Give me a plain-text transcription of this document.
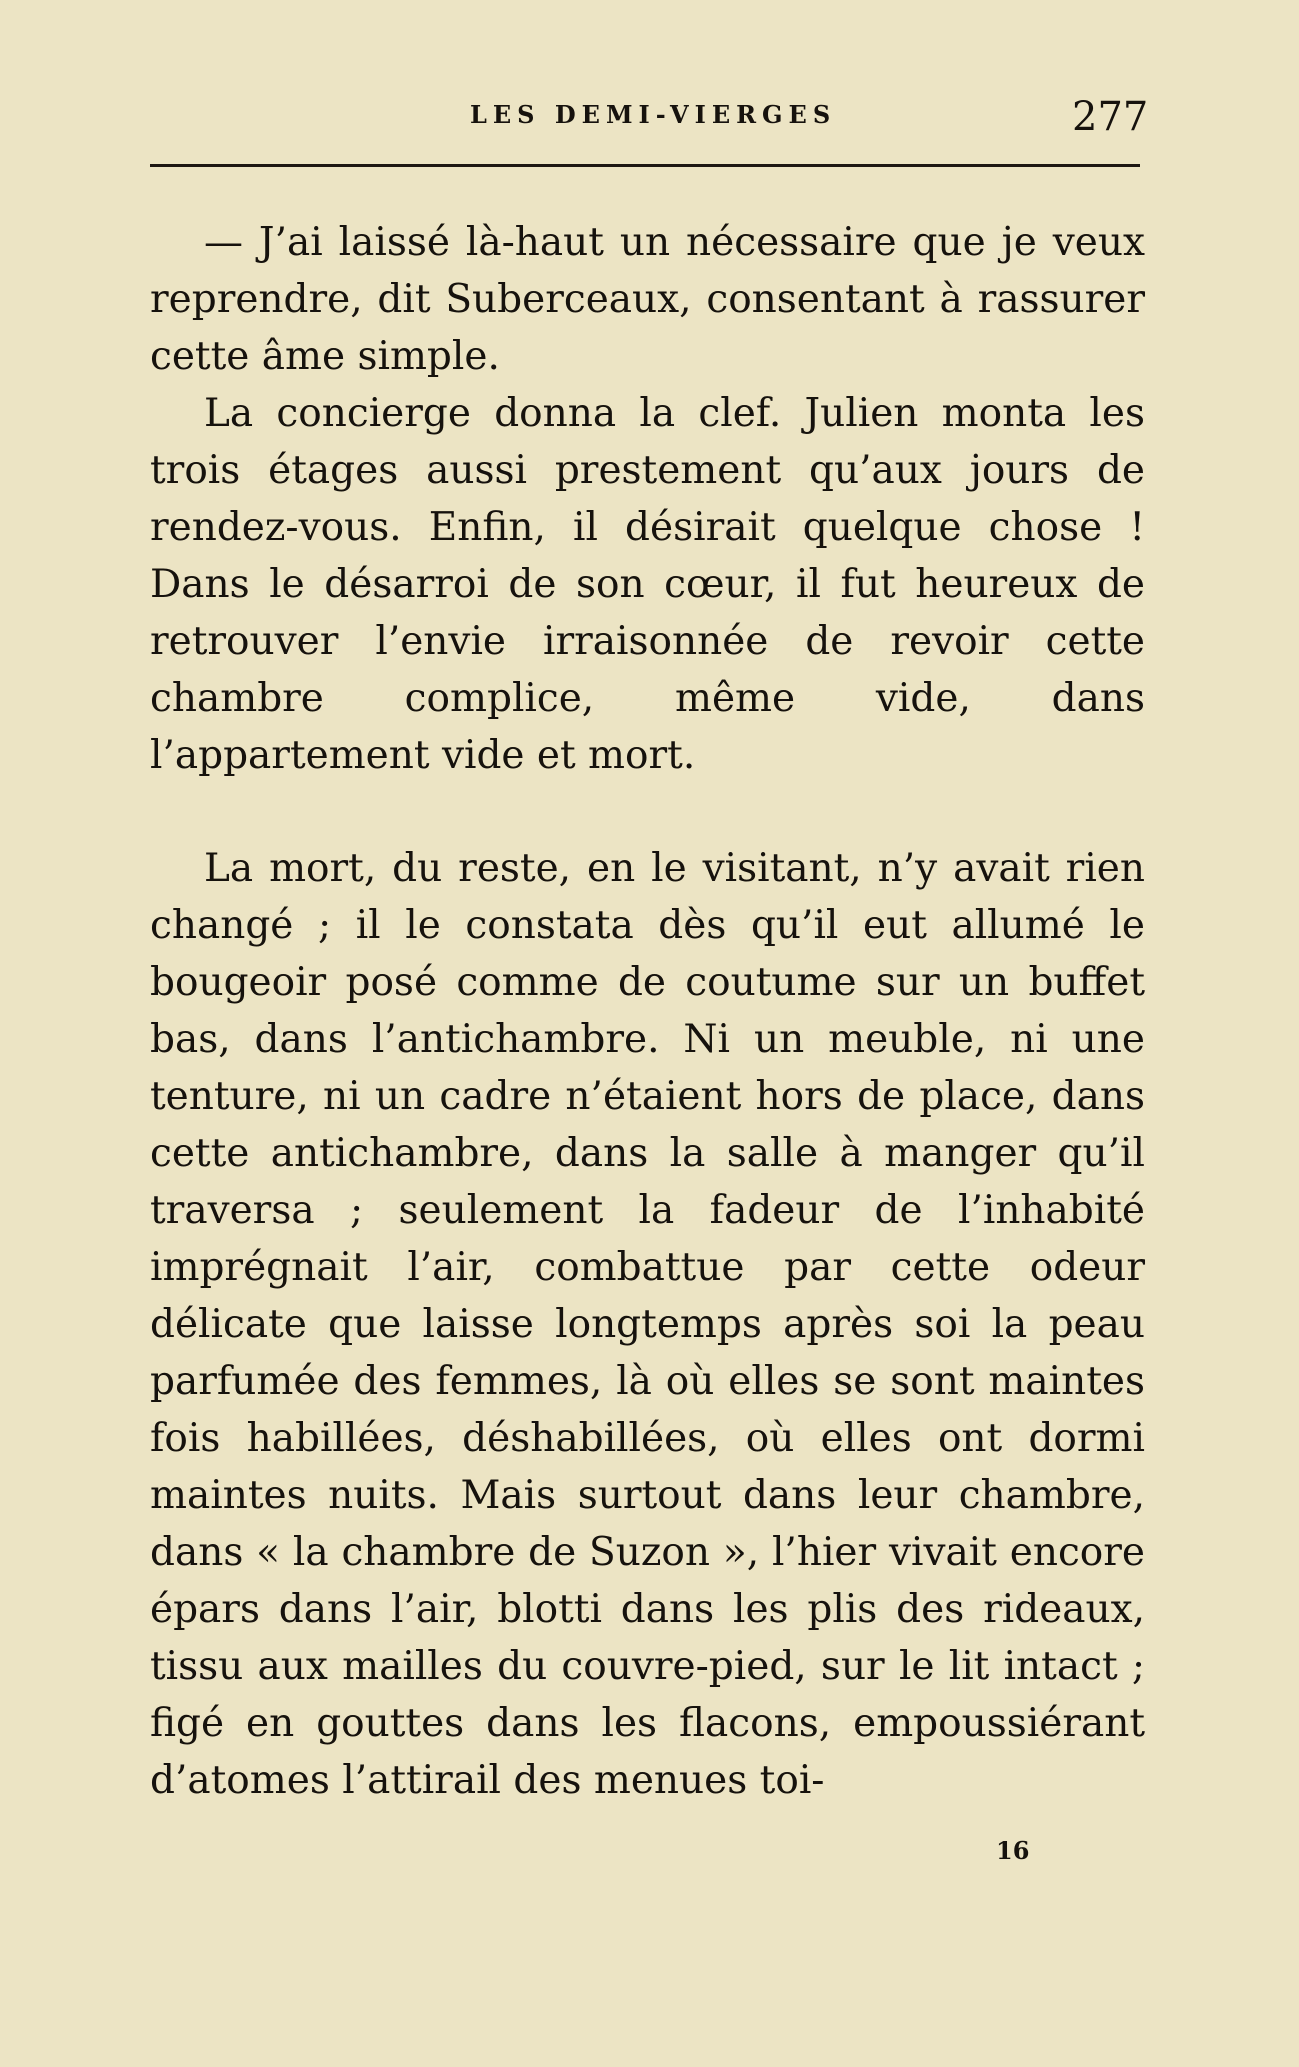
LES DEMI-VIERGES	277

— J’ai laissé là-haut un nécessaire que je veux reprendre, dit Suberceaux, consentant à rassurer cette âme simple.

La concierge donna la clef. Julien monta les trois étages aussi prestement qu’aux jours de rendez-vous. Enfin, il désirait quelque chose ! Dans le désarroi de son cœur, il fut heureux de retrouver l’envie irraisonnée de revoir cette chambre complice, même vide, dans l’appartement vide et mort.

La mort, du reste, en le visitant, n’y avait rien changé ; il le constata dès qu’il eut allumé le bougeoir posé comme de coutume sur un buffet bas, dans l’antichambre. Ni un meuble, ni une tenture, ni un cadre n’étaient hors de place, dans cette antichambre, dans la salle à manger qu’il traversa ; seulement la fadeur de l’inhabité imprégnait l’air, combattue par cette odeur délicate que laisse longtemps après soi la peau parfumée des femmes, là où elles se sont maintes fois habillées, déshabillées, où elles ont dormi maintes nuits. Mais surtout dans leur chambre, dans « la chambre de Suzon », l’hier vivait encore épars dans l’air, blotti dans les plis des rideaux, tissu aux mailles du couvre-pied, sur le lit intact ; figé en gouttes dans les flacons, empoussiérant d’atomes l’attirail des menues toi-

16
